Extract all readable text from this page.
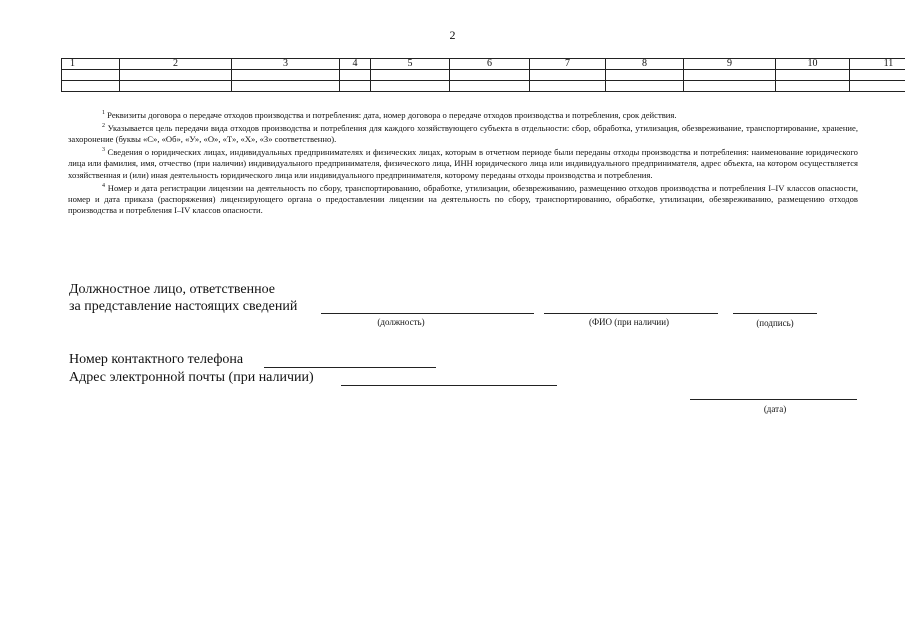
2
1	2	3	4	5	6	7	8	9	10	11

$^1$ Реквизиты договора о передаче отходов производства и потребления: дата, номер договора о передаче отходов производства и потребления, срок действия.

$^2$ Указывается цель передачи вида отходов производства и потребления для каждого хозяйствующего субъекта в отдельности: сбор, обработка, утилизация, обезвреживание, транспортирование, хранение, захоронение (буквы «С», «Об», «У», «О», «Т», «Х», «З» соответственно).

$^3$ Сведения о юридических лицах, индивидуальных предпринимателях и физических лицах, которым в отчетном периоде были переданы отходы производства и потребления: наименование юридического лица или фамилия, имя, отчество (при наличии) индивидуального предпринимателя, физического лица, ИНН юридического лица или индивидуального предпринимателя, адрес объекта, на котором осуществляется хозяйственная и (или) иная деятельность юридического лица или индивидуального предпринимателя, которому переданы отходы производства и потребления.

$^4$ Номер и дата регистрации лицензии на деятельность по сбору, транспортированию, обработке, утилизации, обезвреживанию, размещению отходов производства и потребления I–IV классов опасности, номер и дата приказа (распоряжения) лицензирующего органа о предоставлении лицензии на деятельность по сбору, транспортированию, обработке, утилизации, обезвреживанию, размещению отходов производства и потребления I–IV классов опасности.

Должностное лицо, ответственное
за представление настоящих сведений
(должность)	(ФИО (при наличии)	(подпись)
Номер контактного телефона
Адрес электронной почты (при наличии)
(дата)
